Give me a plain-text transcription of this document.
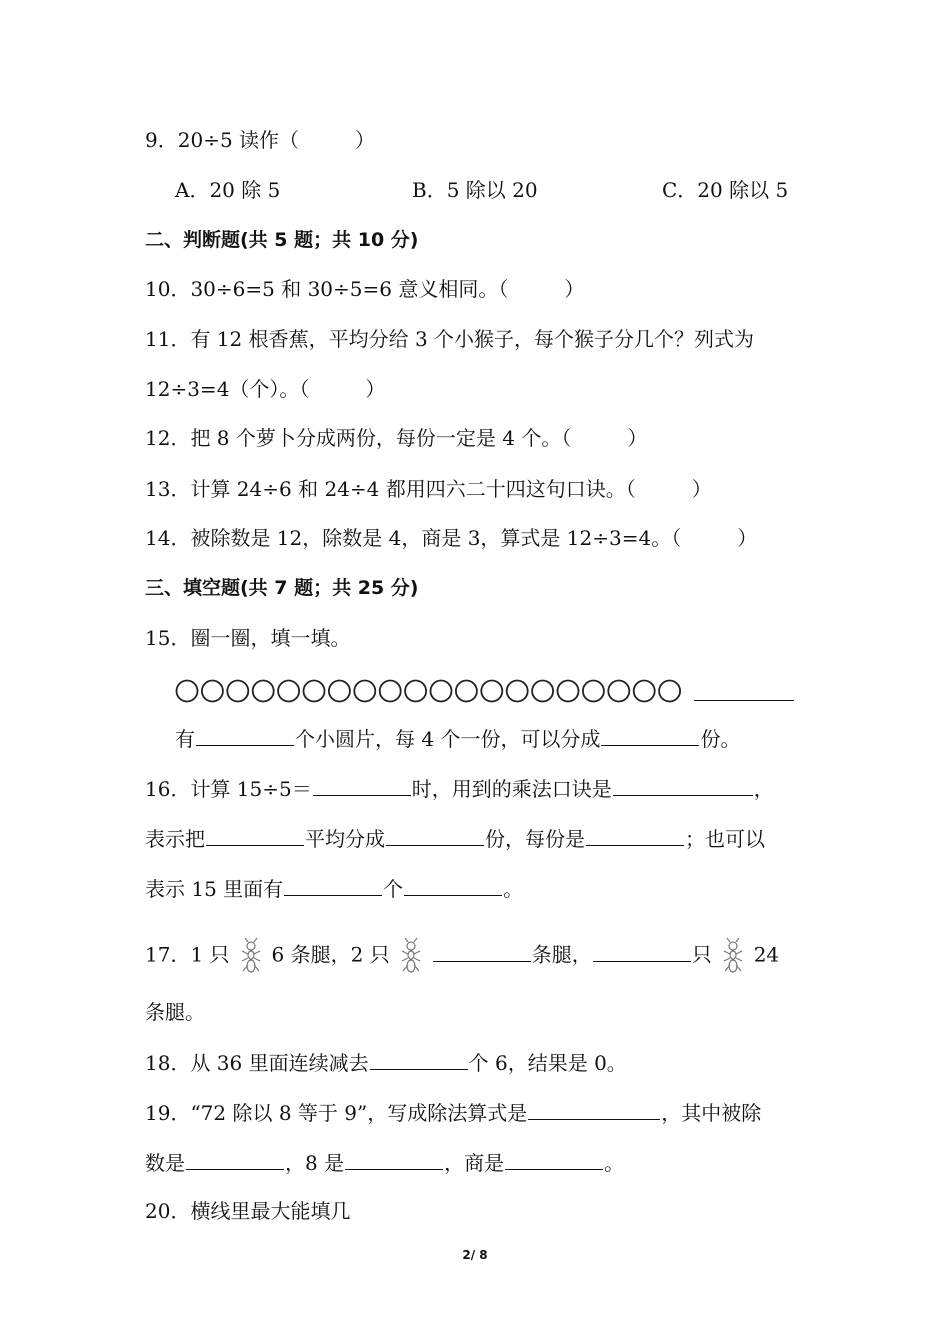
9．20÷5 读作（	）
A．20 除 5	B．5 除以 20	C．20 除以 5
二、判断题(共 5 题；共 10 分)
10．30÷6=5 和 30÷5=6 意义相同。（	）
11．有 12 根香蕉，平均分给 3 个小猴子，每个猴子分几个？列式为
12÷3=4（个）。（	）
12．把 8 个萝卜分成两份，每份一定是 4 个。（	）
13．计算 24÷6 和 24÷4 都用四六二十四这句口诀。（	）
14．被除数是 12，除数是 4，商是 3，算式是 12÷3=4。（	）
三、填空题(共 7 题；共 25 分)
15．圈一圈，填一填。
有	个小圆片，每 4 个一份，可以分成	份。
16．计算 15÷5＝	时，用到的乘法口诀是	，
表示把	平均分成	份，每份是	；也可以
表示 15 里面有	个	。
17．1 只 6 条腿，2 只	条腿，	只 24
条腿。
18．从 36 里面连续减去	个 6，结果是 0。
19．“72 除以 8 等于 9”，写成除法算式是	，其中被除
数是	，8 是	，商是	。
20．横线里最大能填几
2/ 8
